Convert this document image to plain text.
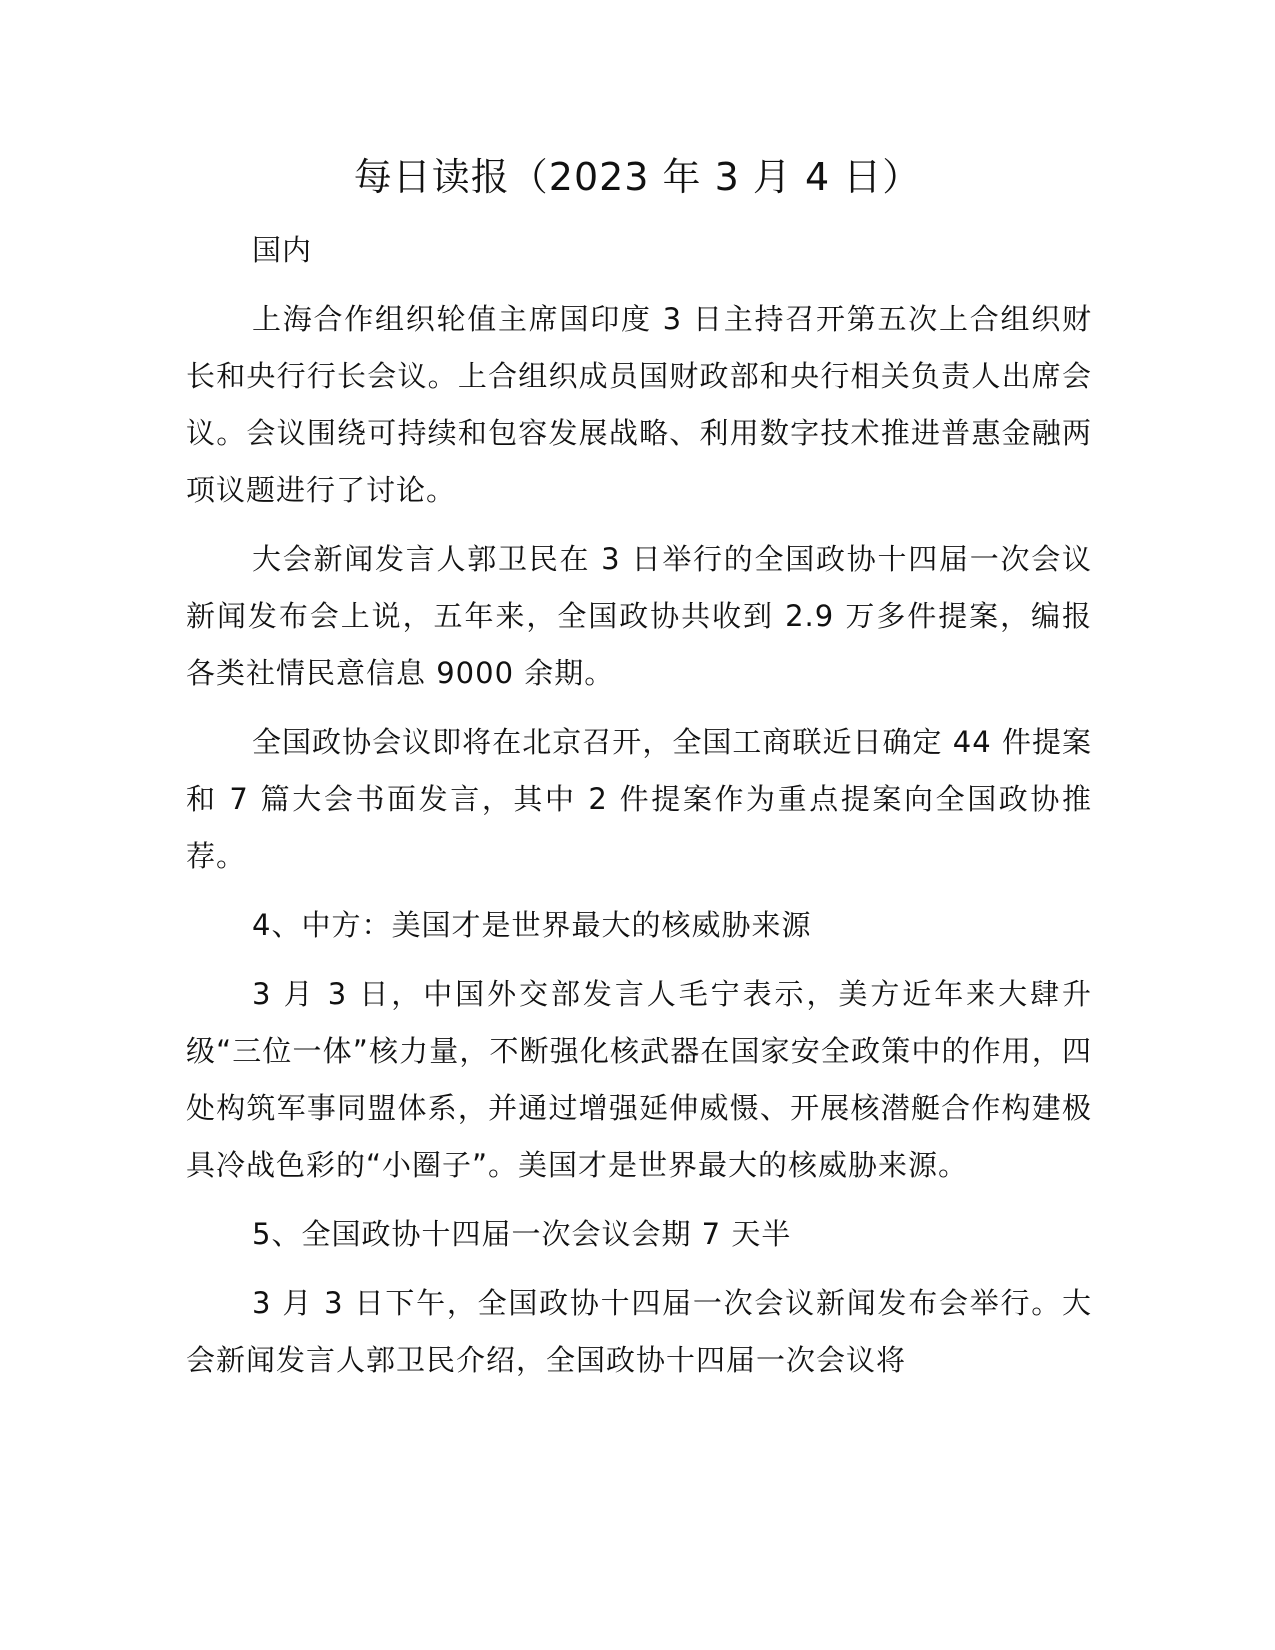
每日读报（2023 年 3 月 4 日）

国内

上海合作组织轮值主席国印度 3 日主持召开第五次上合组织财长和央行行长会议。上合组织成员国财政部和央行相关负责人出席会议。会议围绕可持续和包容发展战略、利用数字技术推进普惠金融两项议题进行了讨论。

大会新闻发言人郭卫民在 3 日举行的全国政协十四届一次会议新闻发布会上说，五年来，全国政协共收到 2.9 万多件提案，编报各类社情民意信息 9000 余期。

全国政协会议即将在北京召开，全国工商联近日确定 44 件提案和 7 篇大会书面发言，其中 2 件提案作为重点提案向全国政协推荐。

4、中方：美国才是世界最大的核威胁来源

3 月 3 日，中国外交部发言人毛宁表示，美方近年来大肆升级“三位一体”核力量，不断强化核武器在国家安全政策中的作用，四处构筑军事同盟体系，并通过增强延伸威慑、开展核潜艇合作构建极具冷战色彩的“小圈子”。美国才是世界最大的核威胁来源。

5、全国政协十四届一次会议会期 7 天半

3 月 3 日下午，全国政协十四届一次会议新闻发布会举行。大会新闻发言人郭卫民介绍，全国政协十四届一次会议将
